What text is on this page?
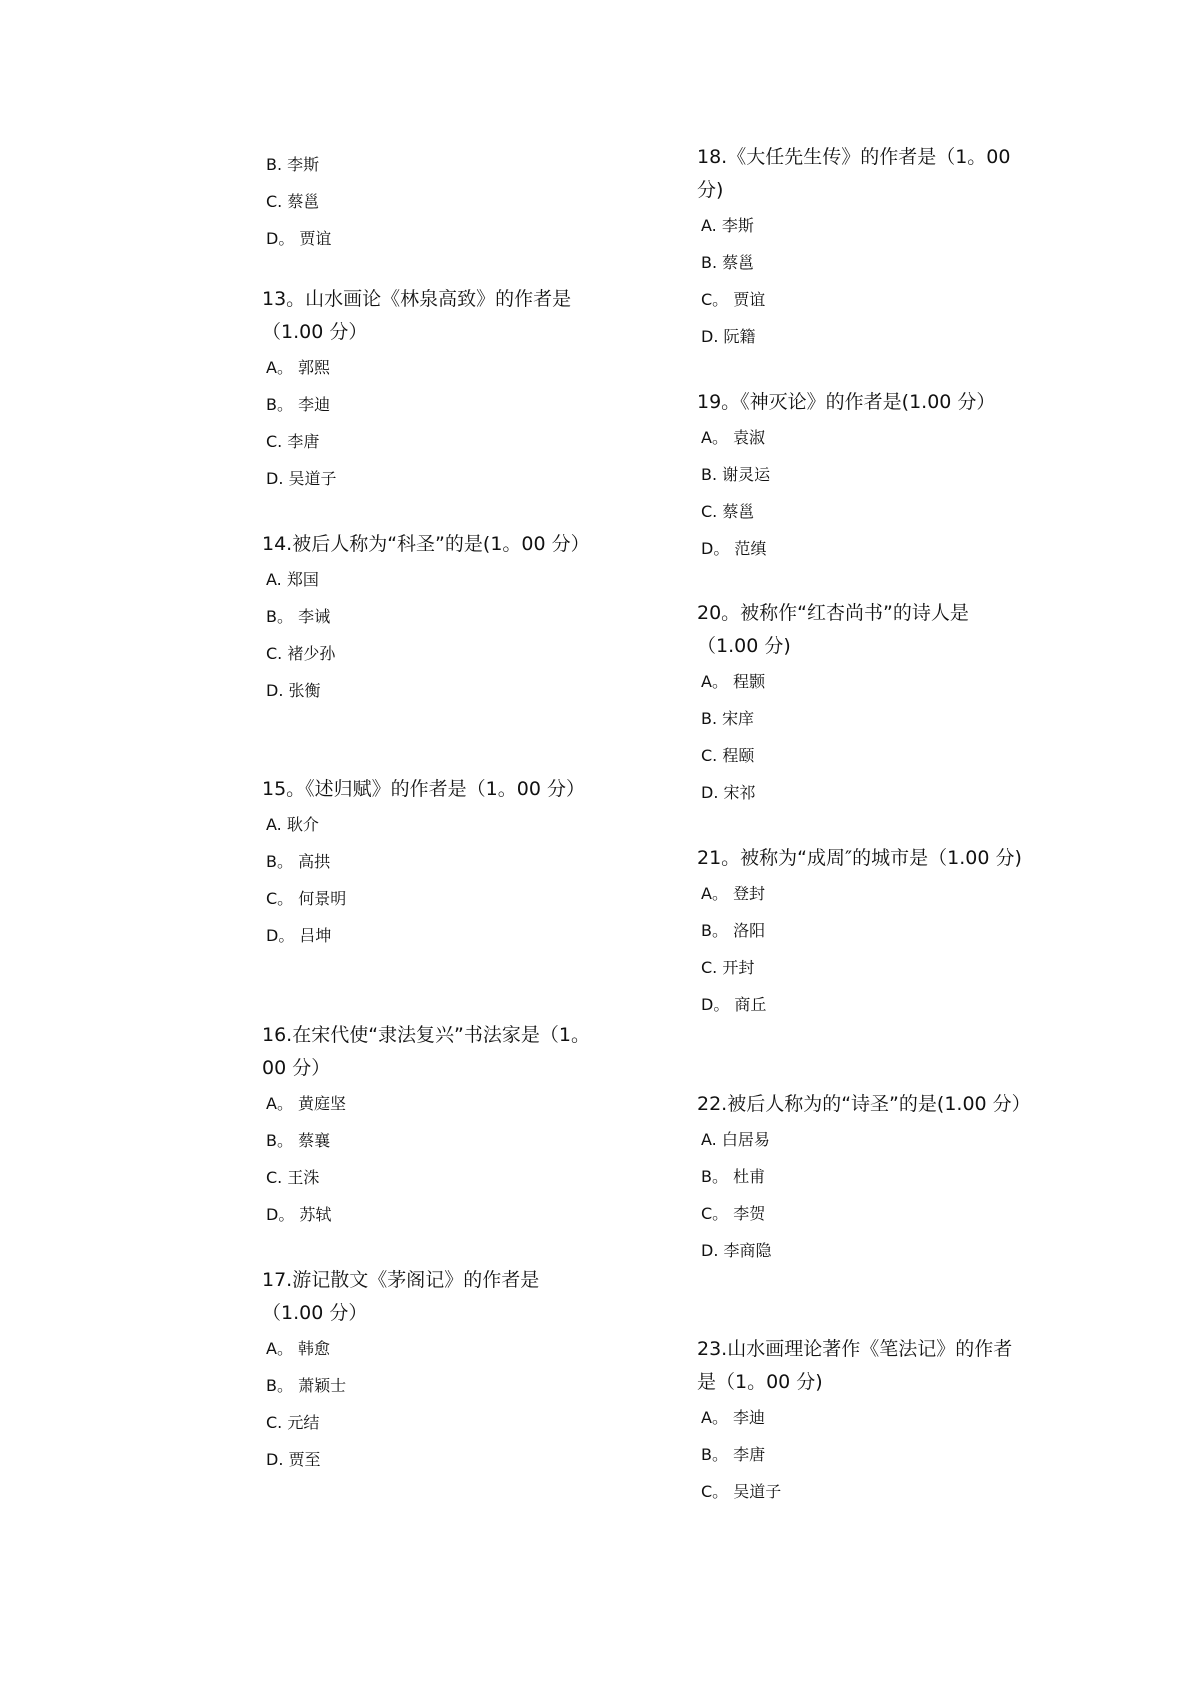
B. 李斯
C. 蔡邕
D。 贾谊

13。山水画论《林泉高致》的作者是（1.00 分）

A。 郭熙
B。 李迪
C. 李唐
D. 吴道子

14.被后人称为“科圣”的是(1。00 分）

A. 郑国
B。 李诫
C. 褚少孙
D. 张衡

15。《述归赋》的作者是（1。00 分）

A. 耿介
B。 高拱
C。 何景明
D。 吕坤

16.在宋代使“隶法复兴”书法家是（1。00 分）

A。 黄庭坚
B。 蔡襄
C. 王洙
D。 苏轼

17.游记散文《茅阁记》的作者是（1.00 分）

A。 韩愈
B。 萧颖士
C. 元结
D. 贾至

18.《大任先生传》的作者是（1。00 分)

A. 李斯
B. 蔡邕
C。 贾谊
D. 阮籍

19。《神灭论》的作者是(1.00 分）

A。 袁淑
B. 谢灵运
C. 蔡邕
D。 范缜

20。被称作“红杏尚书”的诗人是（1.00 分)

A。 程颢
B. 宋庠
C. 程颐
D. 宋祁

21。被称为“成周″的城市是（1.00 分)

A。 登封
B。 洛阳
C. 开封
D。 商丘

22.被后人称为的“诗圣”的是(1.00 分）

A. 白居易
B。 杜甫
C。 李贺
D. 李商隐

23.山水画理论著作《笔法记》的作者是（1。00 分)

A。 李迪
B。 李唐
C。 吴道子
